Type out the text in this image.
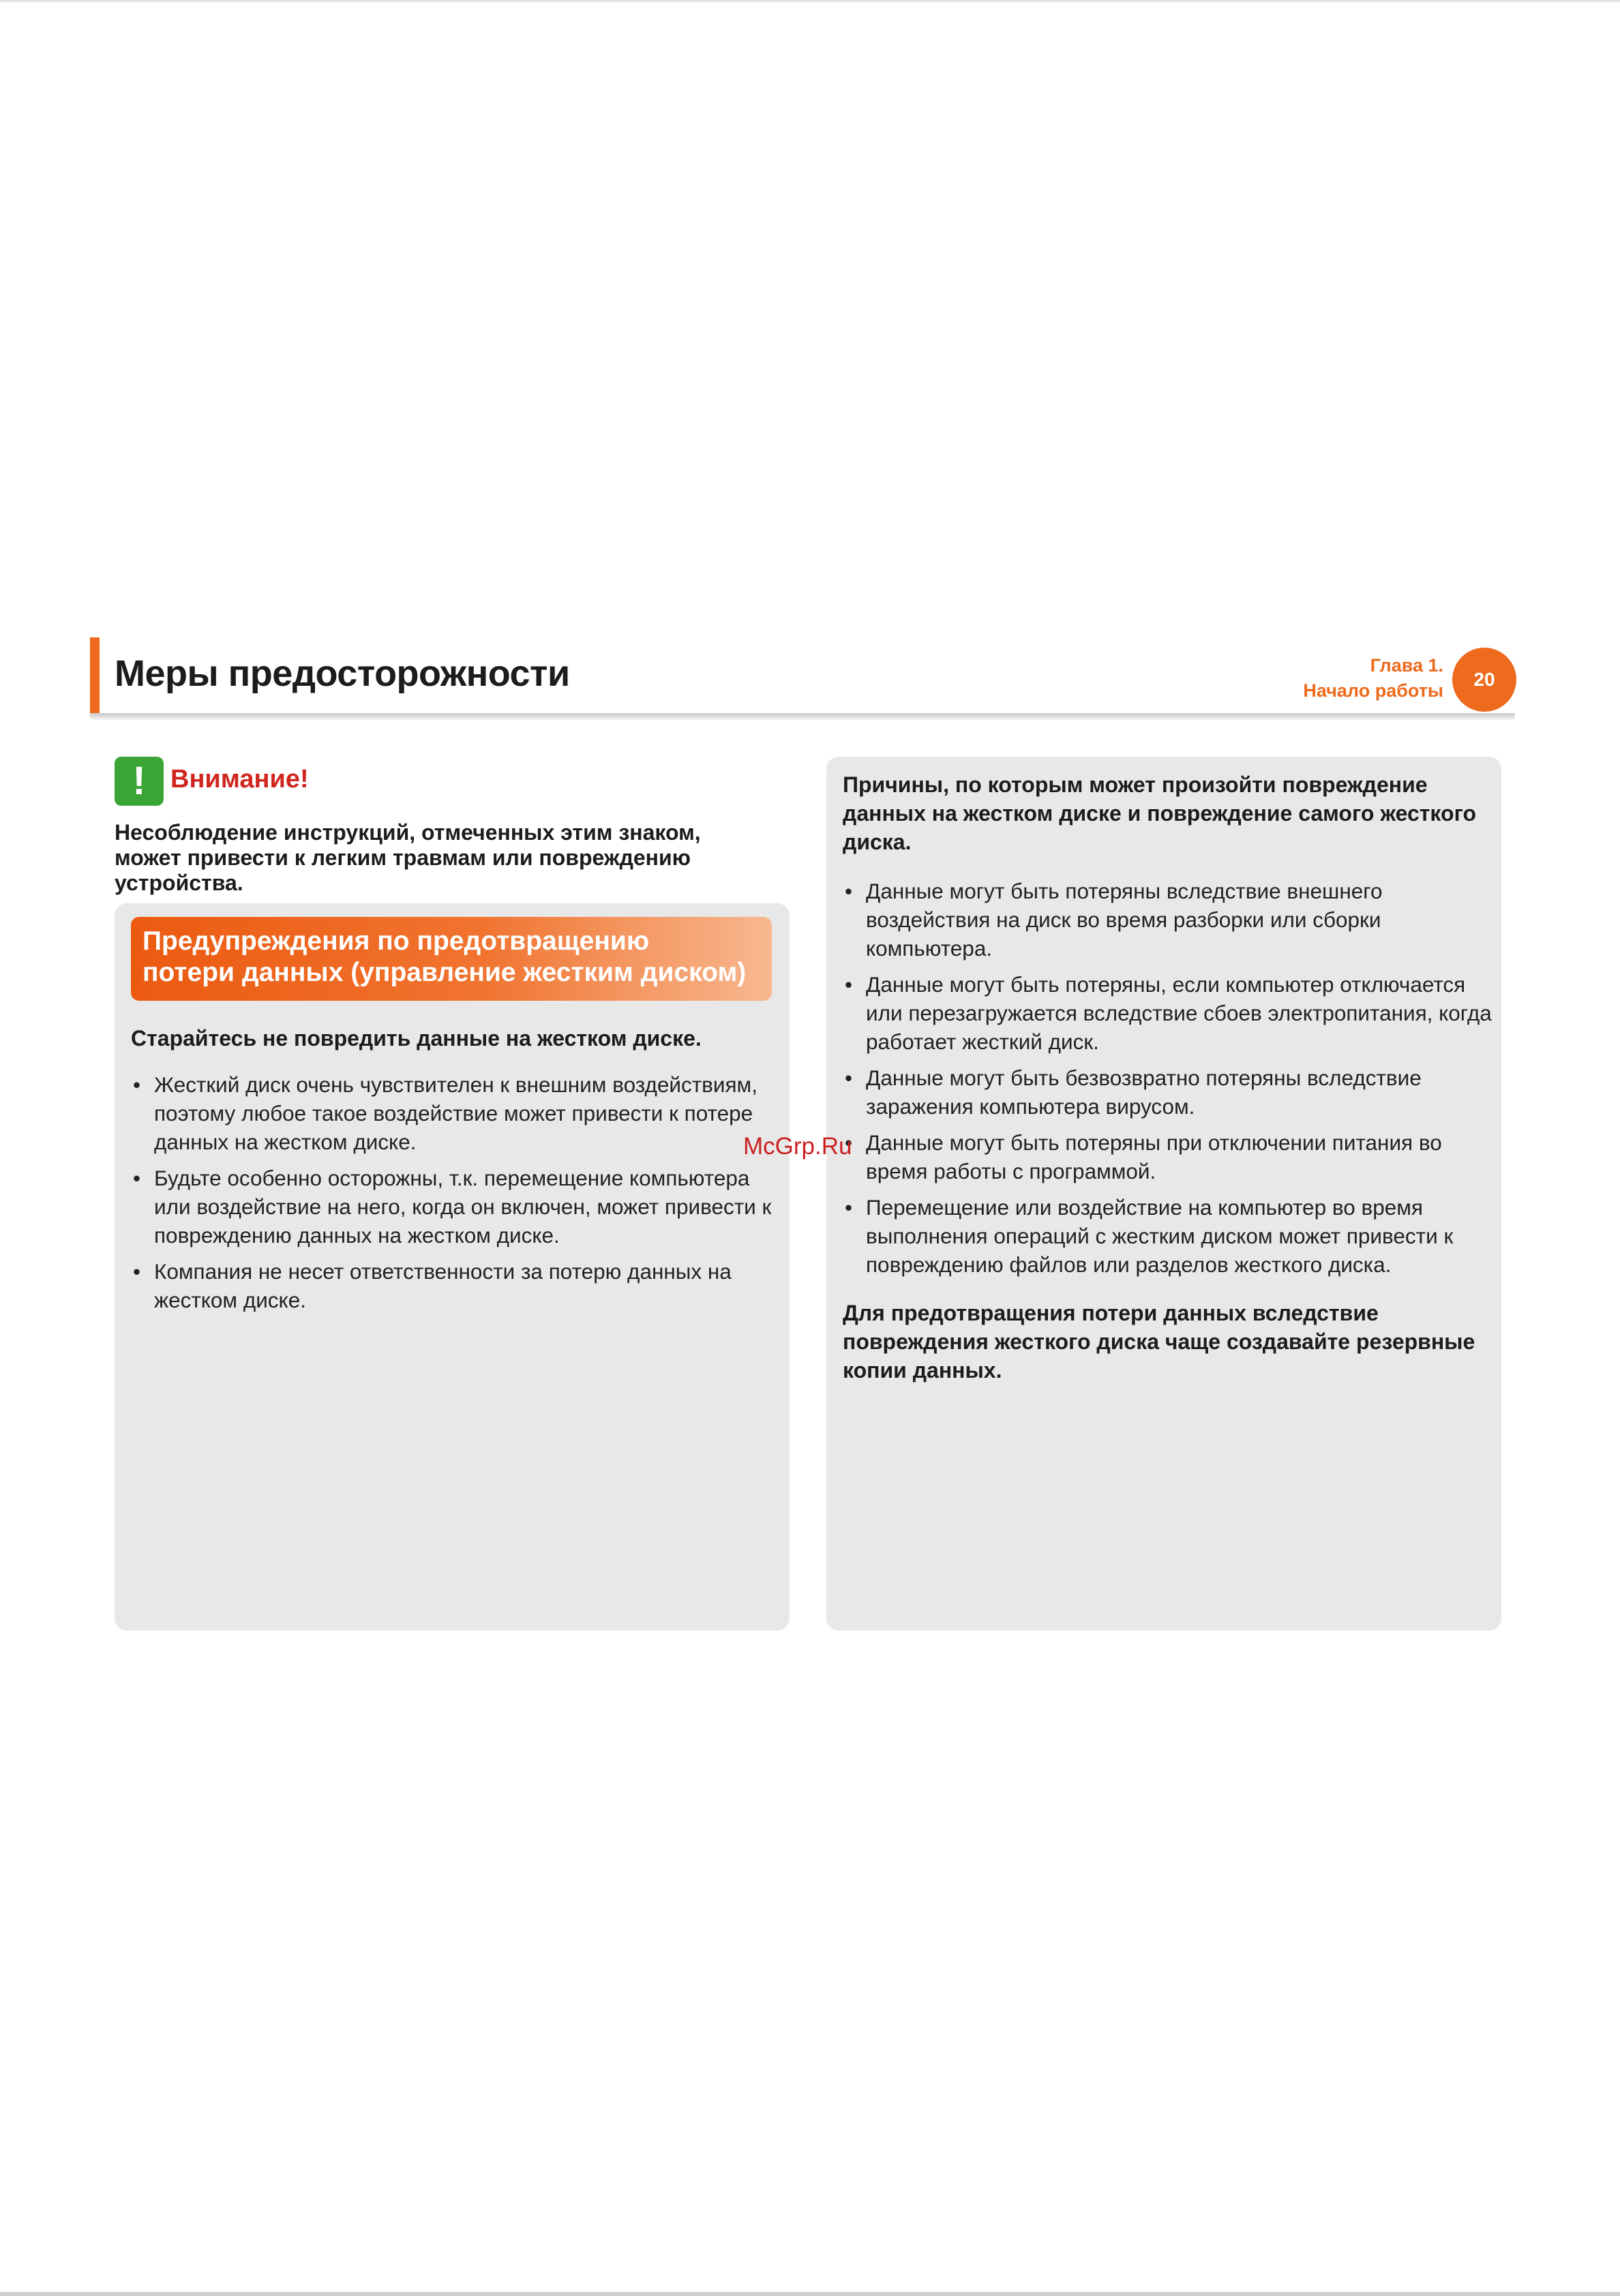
Меры предосторожности	Глава 1.
Начало работы
20
! Внимание!
Несоблюдение инструкций, отмеченных этим знаком, может привести к легким травмам или повреждению устройства.
Предупреждения по предотвращению
потери данных (управление жестким диском)
Старайтесь не повредить данные на жестком диске.
• Жесткий диск очень чувствителен к внешним воздействиям, поэтому любое такое воздействие может привести к потере данных на жестком диске.
• Будьте особенно осторожны, т.к. перемещение компьютера или воздействие на него, когда он включен, может привести к повреждению данных на жестком диске.
• Компания не несет ответственности за потерю данных на жестком диске.
Причины, по которым может произойти повреждение данных на жестком диске и повреждение самого жесткого диска.
• Данные могут быть потеряны вследствие внешнего воздействия на диск во время разборки или сборки компьютера.
• Данные могут быть потеряны, если компьютер отключается или перезагружается вследствие сбоев электропитания, когда работает жесткий диск.
• Данные могут быть безвозвратно потеряны вследствие заражения компьютера вирусом.
• Данные могут быть потеряны при отключении питания во время работы с программой.
• Перемещение или воздействие на компьютер во время выполнения операций с жестким диском может привести к повреждению файлов или разделов жесткого диска.
Для предотвращения потери данных вследствие повреждения жесткого диска чаще создавайте резервные копии данных.
McGrp.Ru
